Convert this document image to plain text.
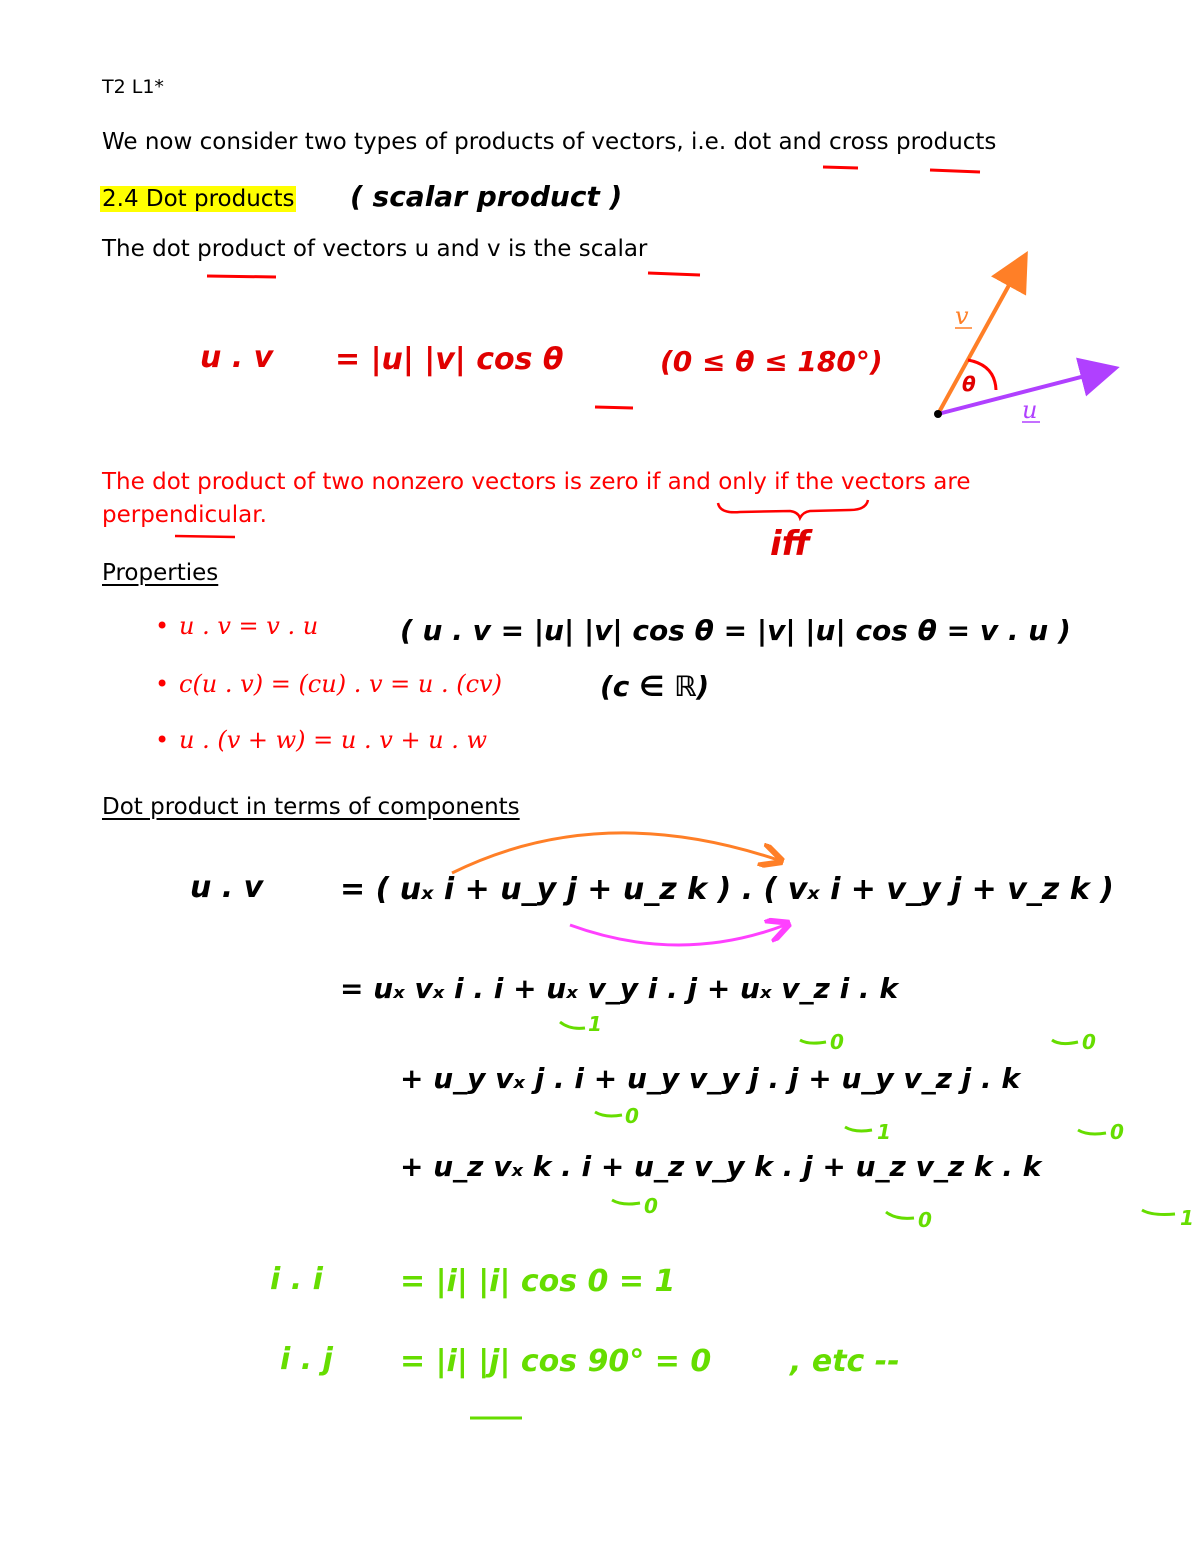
T2 L1*
We now consider two types of products of vectors, i.e. dot and cross products
2.4 Dot products ( scalar product )
The dot product of vectors u and v is the scalar
u . v = |u| |v| cos θ	(0 ≤ θ ≤ 180°)
v
u
θ
The dot product of two nonzero vectors is zero if and only if the vectors are perpendicular.
iff
Properties
• u . v = v . u	( u . v = |u| |v| cos θ = |v| |u| cos θ = v . u )
• c(u . v) = (cu) . v = u . (cv)	(c ∈ ℝ)
• u . (v + w) = u . v + u . w
Dot product in terms of components
u . v	= ( uₓ i + u_y j + u_z k ) . ( vₓ i + v_y j + v_z k )
= uₓ vₓ i . i + uₓ v_y i . j + uₓ v_z i . k
+ u_y vₓ j . i + u_y v_y j . j + u_y v_z j . k
+ u_z vₓ k . i + u_z v_y k . j + u_z v_z k . k
1
0	0
0
1	0
0
0	1
i . i	= |i| |i| cos 0 = 1
i . j = |i| |j| cos 90° = 0	, etc --
